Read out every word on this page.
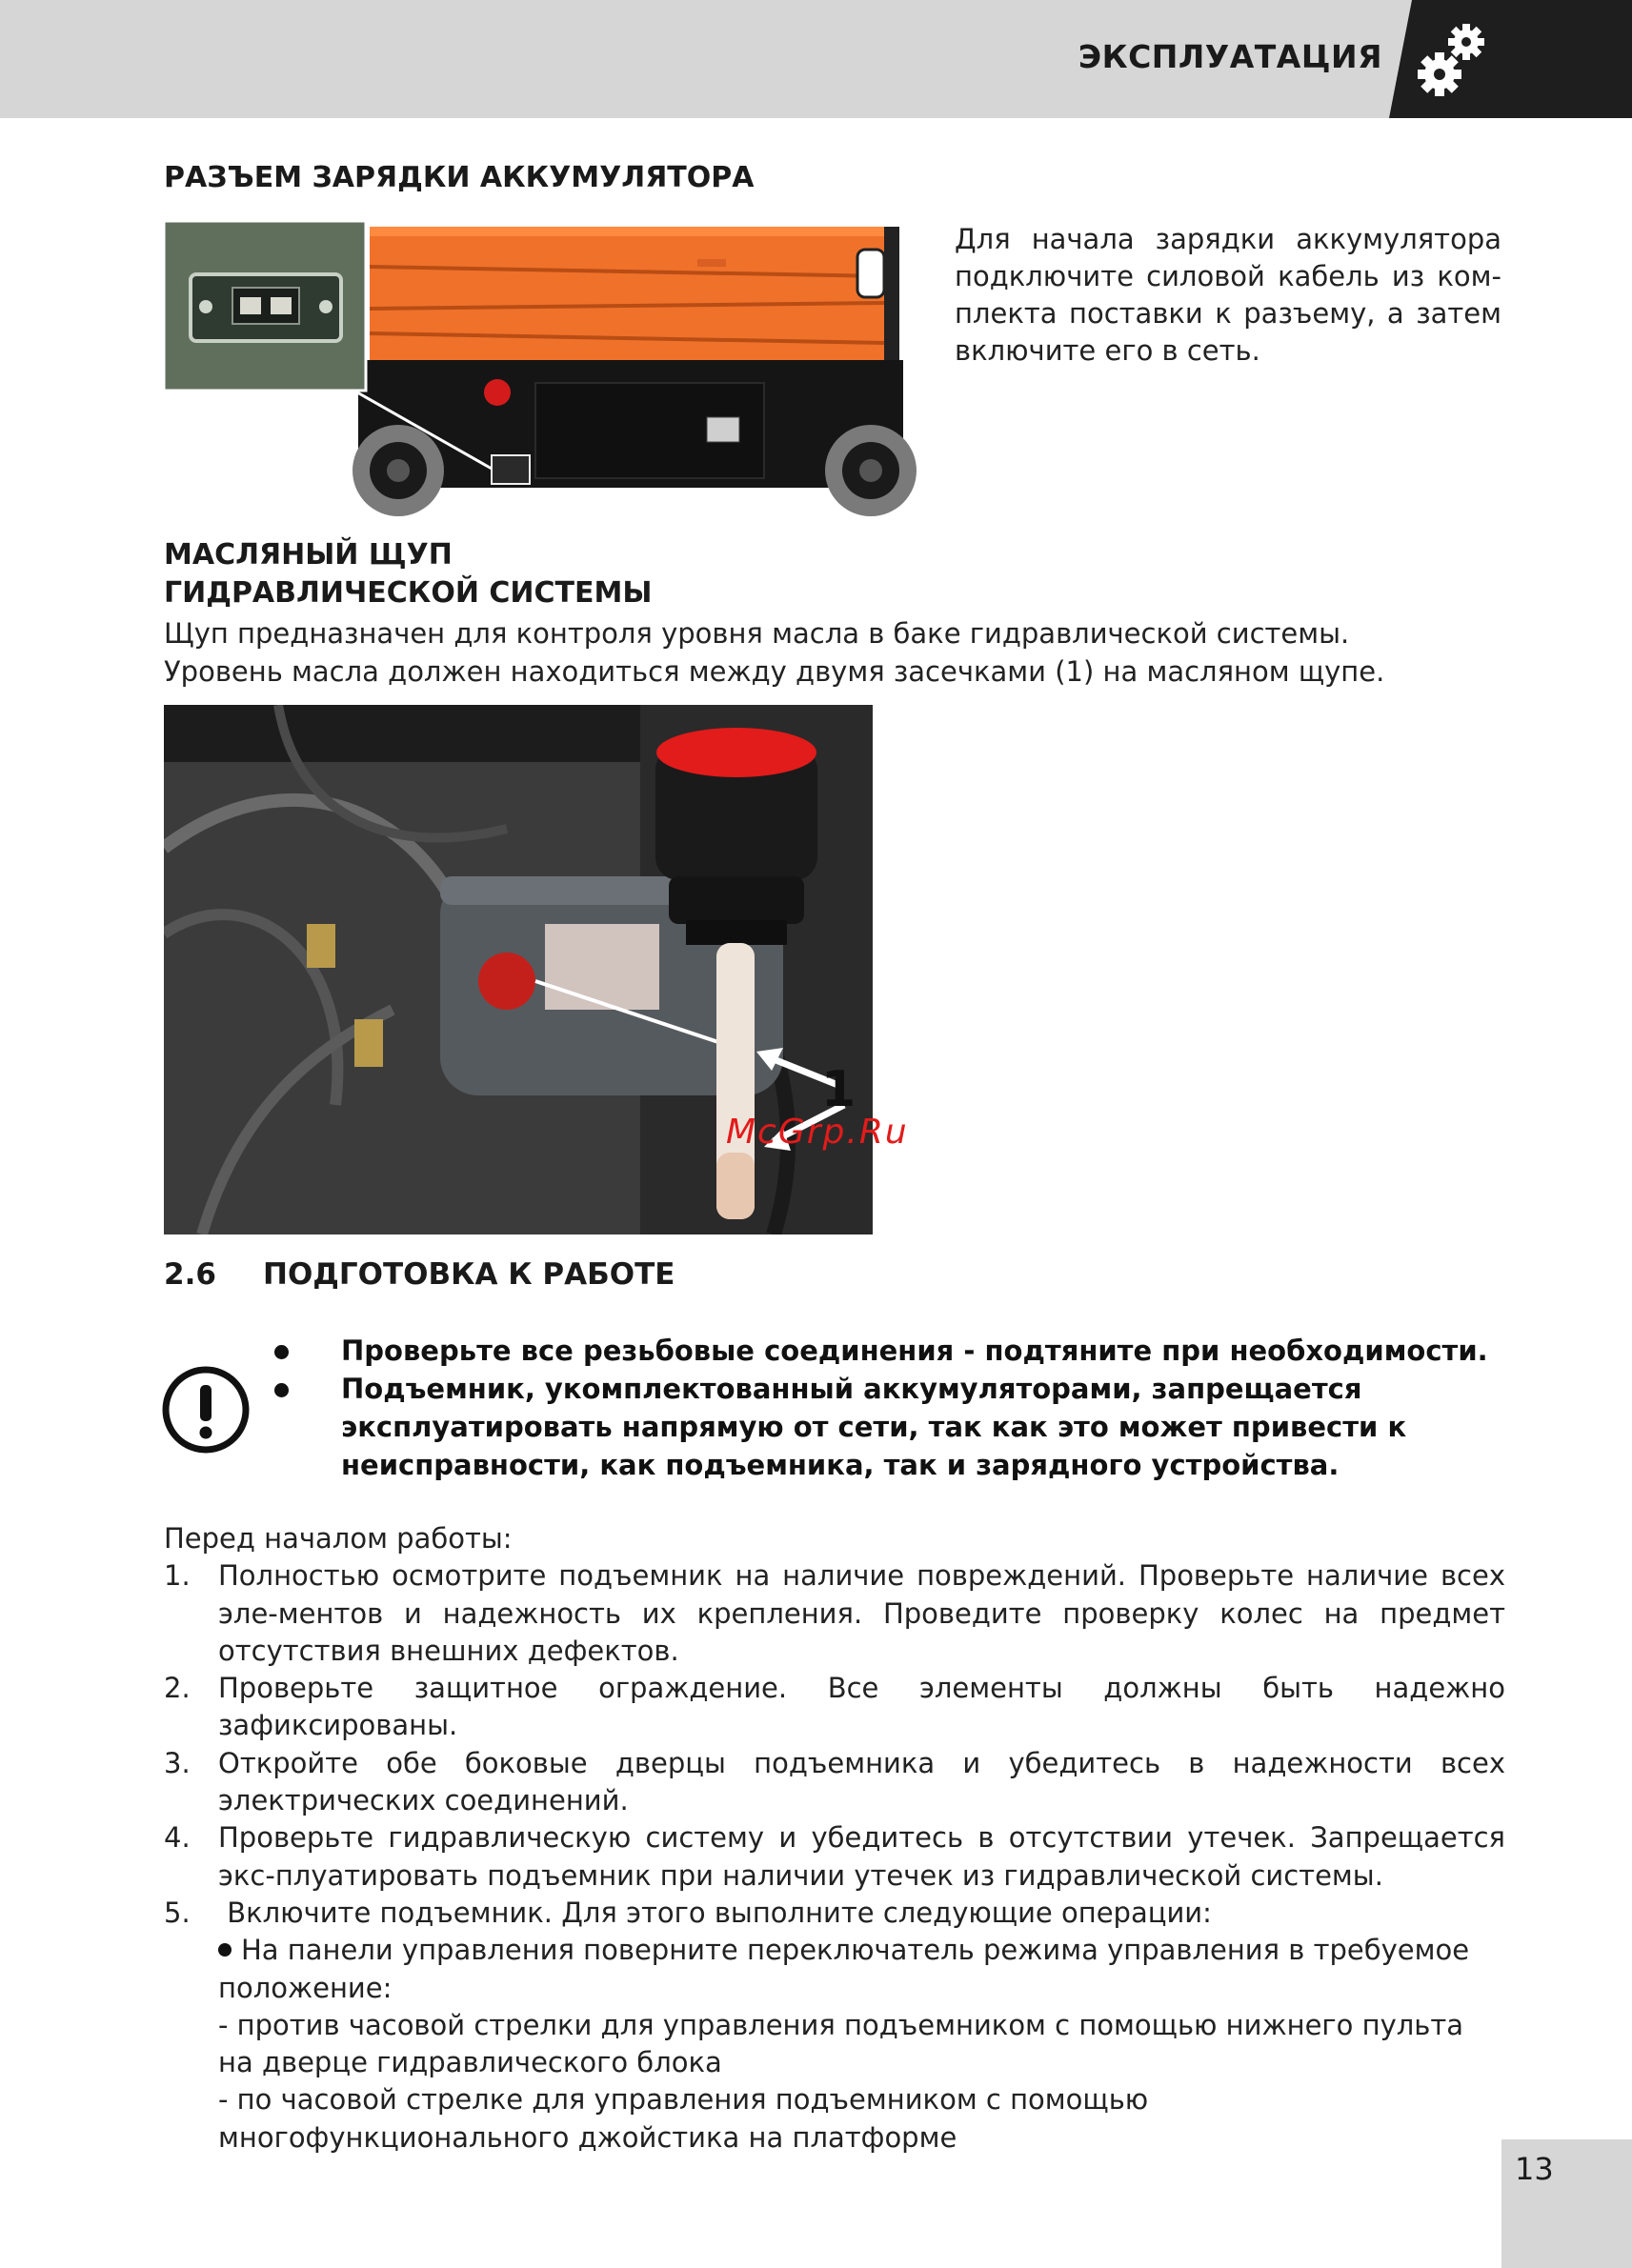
ЭКСПЛУАТАЦИЯ
РАЗЪЕМ ЗАРЯДКИ АККУМУЛЯТОРА
Для начала зарядки аккумулятора
подключите силовой кабель из ком-
плекта поставки к разъему, а затем
включите его в сеть.
МАСЛЯНЫЙ ЩУП
ГИДРАВЛИЧЕСКОЙ СИСТЕМЫ
Щуп предназначен для контроля уровня масла в баке гидравлической системы.
Уровень масла должен находиться между двумя засечками (1) на масляном щупе.
1
McGrp.Ru
2.6 ПОДГОТОВКА К РАБОТЕ
Проверьте все резьбовые соединения - подтяните при необходимости.
Подъемник, укомплектованный аккумуляторами, запрещается
эксплуатировать напрямую от сети, так как это может привести к
неисправности, как подъемника, так и зарядного устройства.

Перед началом работы:

1.	Полностью осмотрите подъемник на наличие повреждений. Проверьте наличие всех эле-ментов и надежность их крепления. Проведите проверку колес на предмет отсутствия внешних дефектов.
2.	Проверьте защитное ограждение. Все элементы должны быть надежно зафиксированы.
3.	Откройте обе боковые дверцы подъемника и убедитесь в надежности всех электрических соединений.
4.	Проверьте гидравлическую систему и убедитесь в отсутствии утечек. Запрещается экс-плуатировать подъемник при наличии утечек из гидравлической системы.
5.	Включите подъемник. Для этого выполните следующие операции:
На панели управления поверните переключатель режима управления в требуемое положение:
- против часовой стрелки для управления подъемником с помощью нижнего пульта на дверце гидравлического блока
- по часовой стрелке для управления подъемником с помощью многофункционального джойстика на платформе
13
